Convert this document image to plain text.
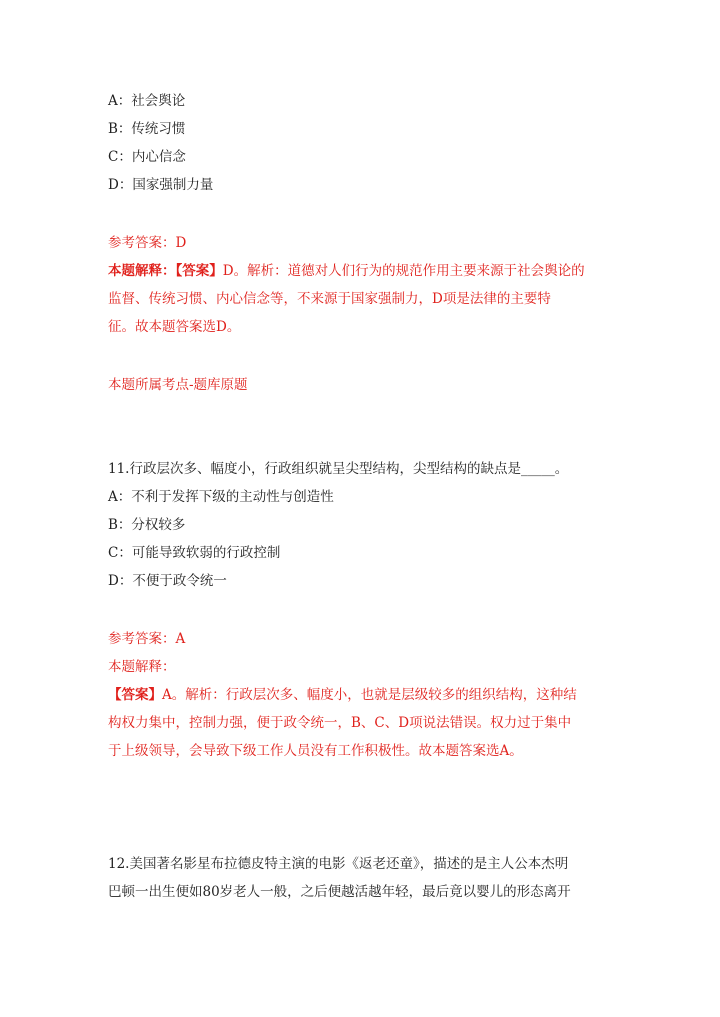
A：社会舆论
B：传统习惯
C：内心信念
D：国家强制力量
参考答案：D
本题解释：【答案】D。解析：道德对人们行为的规范作用主要来源于社会舆论的
监督、传统习惯、内心信念等，不来源于国家强制力，D项是法律的主要特
征。故本题答案选D。
本题所属考点-题库原题
11.行政层次多、幅度小，行政组织就呈尖型结构，尖型结构的缺点是_____。
A：不利于发挥下级的主动性与创造性
B：分权较多
C：可能导致软弱的行政控制
D：不便于政令统一
参考答案：A
本题解释：
【答案】A。解析：行政层次多、幅度小，也就是层级较多的组织结构，这种结
构权力集中，控制力强，便于政令统一，B、C、D项说法错误。权力过于集中
于上级领导，会导致下级工作人员没有工作积极性。故本题答案选A。
12.美国著名影星布拉德皮特主演的电影《返老还童》，描述的是主人公本杰明
巴顿一出生便如80岁老人一般，之后便越活越年轻，最后竟以婴儿的形态离开
